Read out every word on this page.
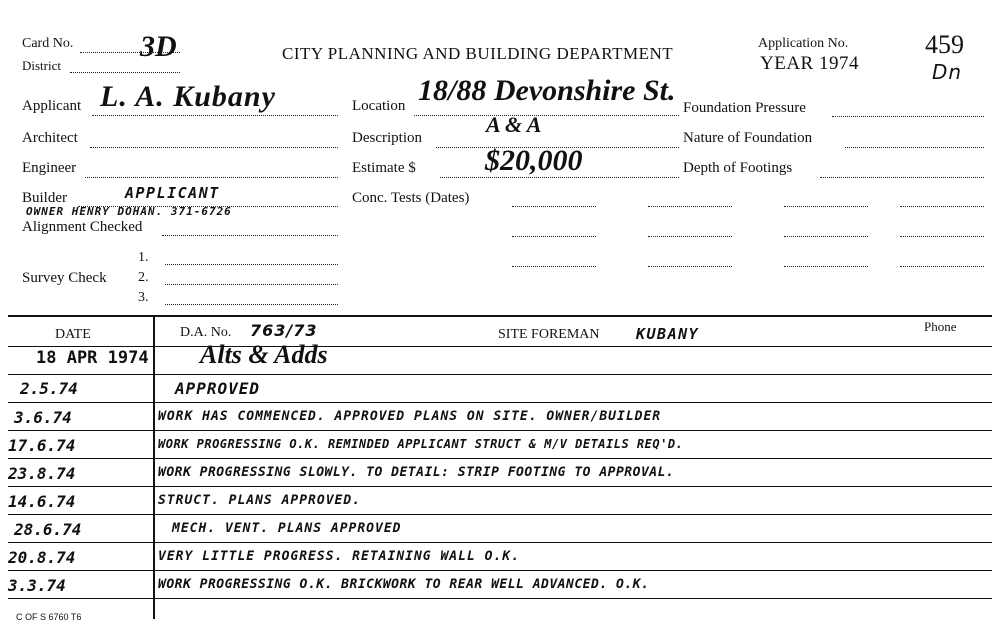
Card No. 3D
District
CITY PLANNING AND BUILDING DEPARTMENT
Application No.
YEAR 1974
459
Dn
Applicant L. A. Kubany
Architect
Engineer
Builder	APPLICANT
OWNER HENRY DOHAN. 371-6726
Alignment Checked
1.
Survey Check 2.
3.
Location 18/88 Devonshire St.
Description
A & A
Estimate $ $20,000
Conc. Tests (Dates)
Foundation Pressure
Nature of Foundation
Depth of Footings
DATE	D.A. No. 763/73	SITE FOREMAN KUBANY	Phone
18 APR 1974 Alts & Adds
2.5.74	APPROVED
3.6.74	WORK HAS COMMENCED. APPROVED PLANS ON SITE. OWNER/BUILDER
17.6.74	WORK PROGRESSING O.K. REMINDED APPLICANT STRUCT & M/V DETAILS REQ'D.
23.8.74	WORK PROGRESSING SLOWLY. TO DETAIL: STRIP FOOTING TO APPROVAL.
14.6.74	STRUCT. PLANS APPROVED.
28.6.74	MECH. VENT. PLANS APPROVED
20.8.74	VERY LITTLE PROGRESS. RETAINING WALL O.K.
3.3.74	WORK PROGRESSING O.K. BRICKWORK TO REAR WELL ADVANCED. O.K.
C OF S 6760 T6
